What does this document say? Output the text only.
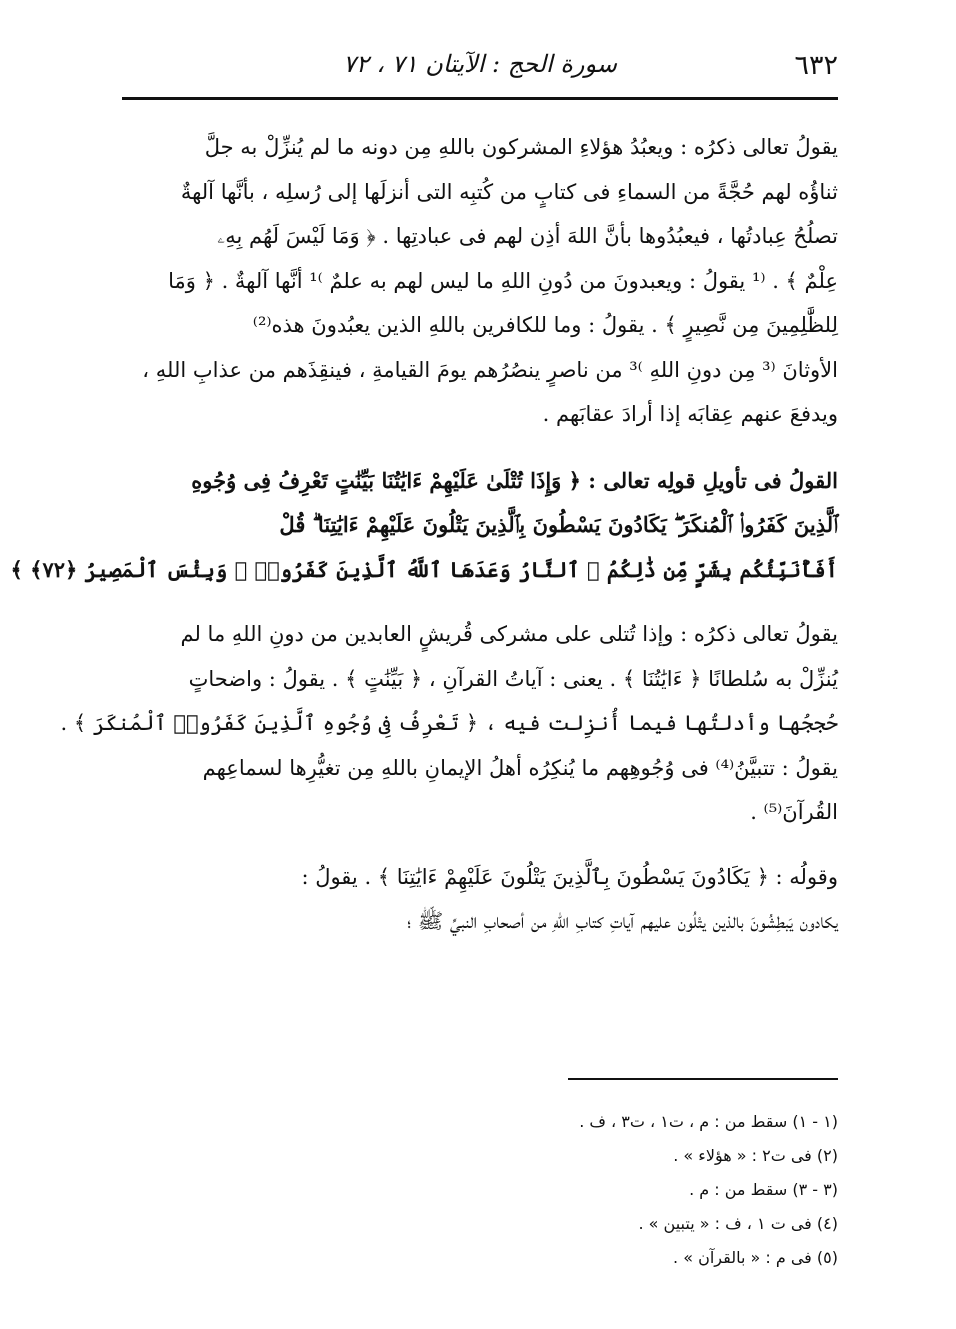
٦٣٢
سورة الحج : الآيتان ٧١ ، ٧٢

يقولُ تعالى ذكرُه : ويعبُدُ هؤلاءِ المشركون باللهِ مِن دونه ما لم يُنزِّلْ به جلَّ
ثناؤُه لهم حُجَّةً من السماءِ فى كتابٍ من كُتبِه التى أنزلَها إلى رُسلِه ، بأنَّها آلهةٌ
تصلُحُ عِبادتُها ، فيعبُدُوها بأنَّ اللهَ أذِن لهم فى عبادتِها . ﴿ وَمَا لَيْسَ لَهُم بِهِۦ
عِلْمٌ ﴾ . ⁽¹ يقولُ : ويعبدونَ من دُونِ اللهِ ما ليس لهم به علمٌ ⁾¹ أنَّها آلهةٌ . ﴿ وَمَا
لِلظَّٰلِمِينَ مِن نَّصِيرٍ ﴾ . يقولُ : وما للكافرين باللهِ الذين يعبُدونَ هذه⁽²⁾
الأوثانَ ⁽³ مِن دونِ اللهِ ⁾³ من ناصرٍ ينصُرُهم يومَ القيامةِ ، فينقِذَهم من عذابِ اللهِ ،
ويدفعَ عنهم عِقابَه إذا أرادَ عقابَهم .

القولُ فى تأويلِ قولِه تعالى : ﴿ وَإِذَا تُتْلَىٰ عَلَيْهِمْ ءَايَٰتُنَا بَيِّنَٰتٍ تَعْرِفُ فِى وُجُوهِ
ٱلَّذِينَ كَفَرُوا۟ ٱلْمُنكَرَ ۖ يَكَادُونَ يَسْطُونَ بِٱلَّذِينَ يَتْلُونَ عَلَيْهِمْ ءَايَٰتِنَا ۗ قُلْ
أَفَأُنَبِّئُكُم بِشَرٍّ مِّن ذَٰلِكُمُ ۗ ٱلنَّارُ وَعَدَهَا ٱللَّهُ ٱلَّذِينَ كَفَرُوا۟ ۖ وَبِئْسَ ٱلْمَصِيرُ ﴿٧٢﴾ ﴾

يقولُ تعالى ذكرُه : وإذا تُتلى على مشركى قُريشٍ العابدين من دونِ اللهِ ما لم
يُنزِّلْ به سُلطانًا ﴿ ءَايَٰتُنَا ﴾ . يعنى : آياتُ القرآنِ ، ﴿ بَيِّنَٰتٍ ﴾ . يقولُ : واضحاتٍ
حُججُها وأدلتُها فيما أُنزِلت فيه ، ﴿ تَعْرِفُ فِى وُجُوهِ ٱلَّذِينَ كَفَرُوا۟ ٱلْمُنكَرَ ﴾ .
يقولُ : تتبيَّنُ⁽⁴⁾ فى وُجُوهِهم ما يُنكِرُه أهلُ الإيمانِ باللهِ مِن تغيُّرِها لسماعِهم
القُرآنَ⁽⁵⁾ .

وقولُه : ﴿ يَكَادُونَ يَسْطُونَ بِٱلَّذِينَ يَتْلُونَ عَلَيْهِمْ ءَايَٰتِنَا ﴾ . يقولُ :
يكادون يَبطِشُونَ بالذين يتْلُون عليهم آياتِ كتابِ اللهِ من أصحابِ النبيِّ ﷺ ؛

(١ - ١) سقط من : م ، ت١ ، ت٣ ، ف .
(٢) فى ت٢ : « هؤلاء » .
(٣ - ٣) سقط من : م .
(٤) فى ت ١ ، ف : « يتبين » .
(٥) فى م : « بالقرآن » .
